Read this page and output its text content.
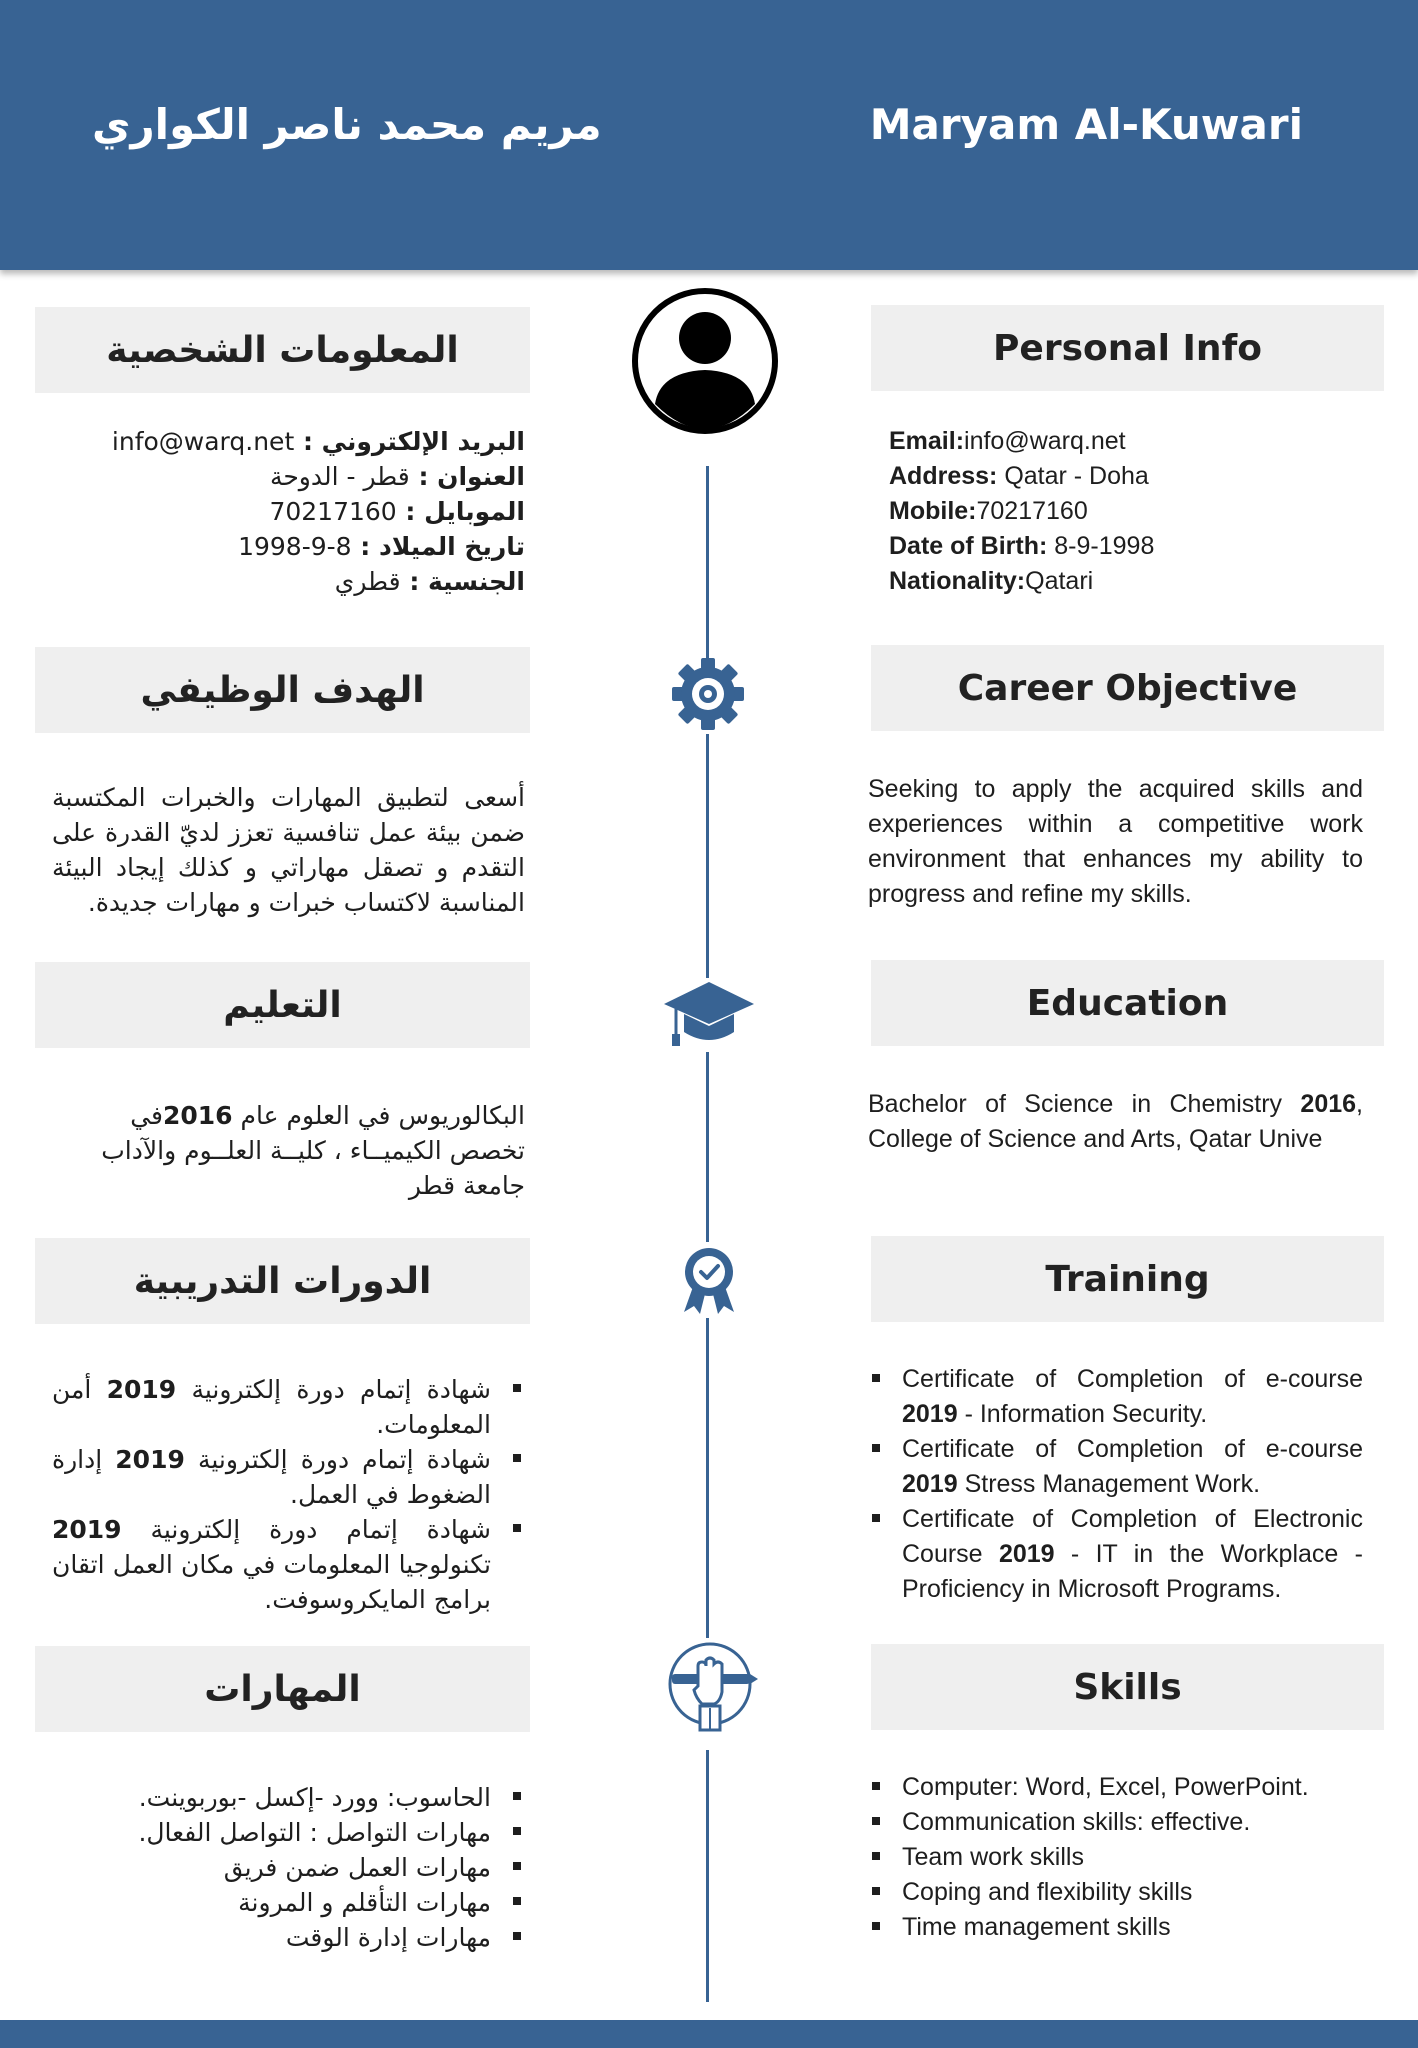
مريم محمد ناصر الكواري	Maryam Al-Kuwari
المعلومات الشخصية	Personal Info
Email:info@warq.net
Address: Qatar - Doha
Mobile:70217160
Date of Birth: 8-9-1998
Nationality:Qatari
البريد الإلكتروني : info@warq.net
العنوان : قطر - الدوحة
الموبايل : 70217160
تاريخ الميلاد : 8-9-1998
الجنسية : قطري
الهدف الوظيفي	Career Objective
Seeking to apply the acquired skills and experiences within a competitive work environment that enhances my ability to progress and refine my skills.
أسعى لتطبيق المهارات والخبرات المكتسبة ضمن بيئة عمل تنافسية تعزز لديّ القدرة على التقدم و تصقل مهاراتي و كذلك إيجاد البيئة المناسبة لاكتساب خبرات و مهارات جديدة.
التعليم	Education
Bachelor of Science in Chemistry 2016, College of Science and Arts, Qatar Unive
البكالوريوس في العلوم عام 2016في تخصص الكيميــاء ، كليــة العلــوم والآداب جامعة قطر
الدورات التدريبية	Training
Certificate of Completion of e-course 2019 - Information Security.
Certificate of Completion of e-course 2019 Stress Management Work.
Certificate of Completion of Electronic Course 2019 - IT in the Workplace - Proficiency in Microsoft Programs.
شهادة إتمام دورة إلكترونية 2019 أمن المعلومات.
شهادة إتمام دورة إلكترونية 2019 إدارة الضغوط في العمل.
شهادة إتمام دورة إلكترونية 2019 تكنولوجيا المعلومات في مكان العمل اتقان برامج المايكروسوفت.
المهارات	Skills
Computer: Word, Excel, PowerPoint.
Communication skills: effective.
Team work skills
Coping and flexibility skills
Time management skills
الحاسوب: وورد -إكسل -بوربوينت.
مهارات التواصل : التواصل الفعال.
مهارات العمل ضمن فريق
مهارات التأقلم و المرونة
مهارات إدارة الوقت
